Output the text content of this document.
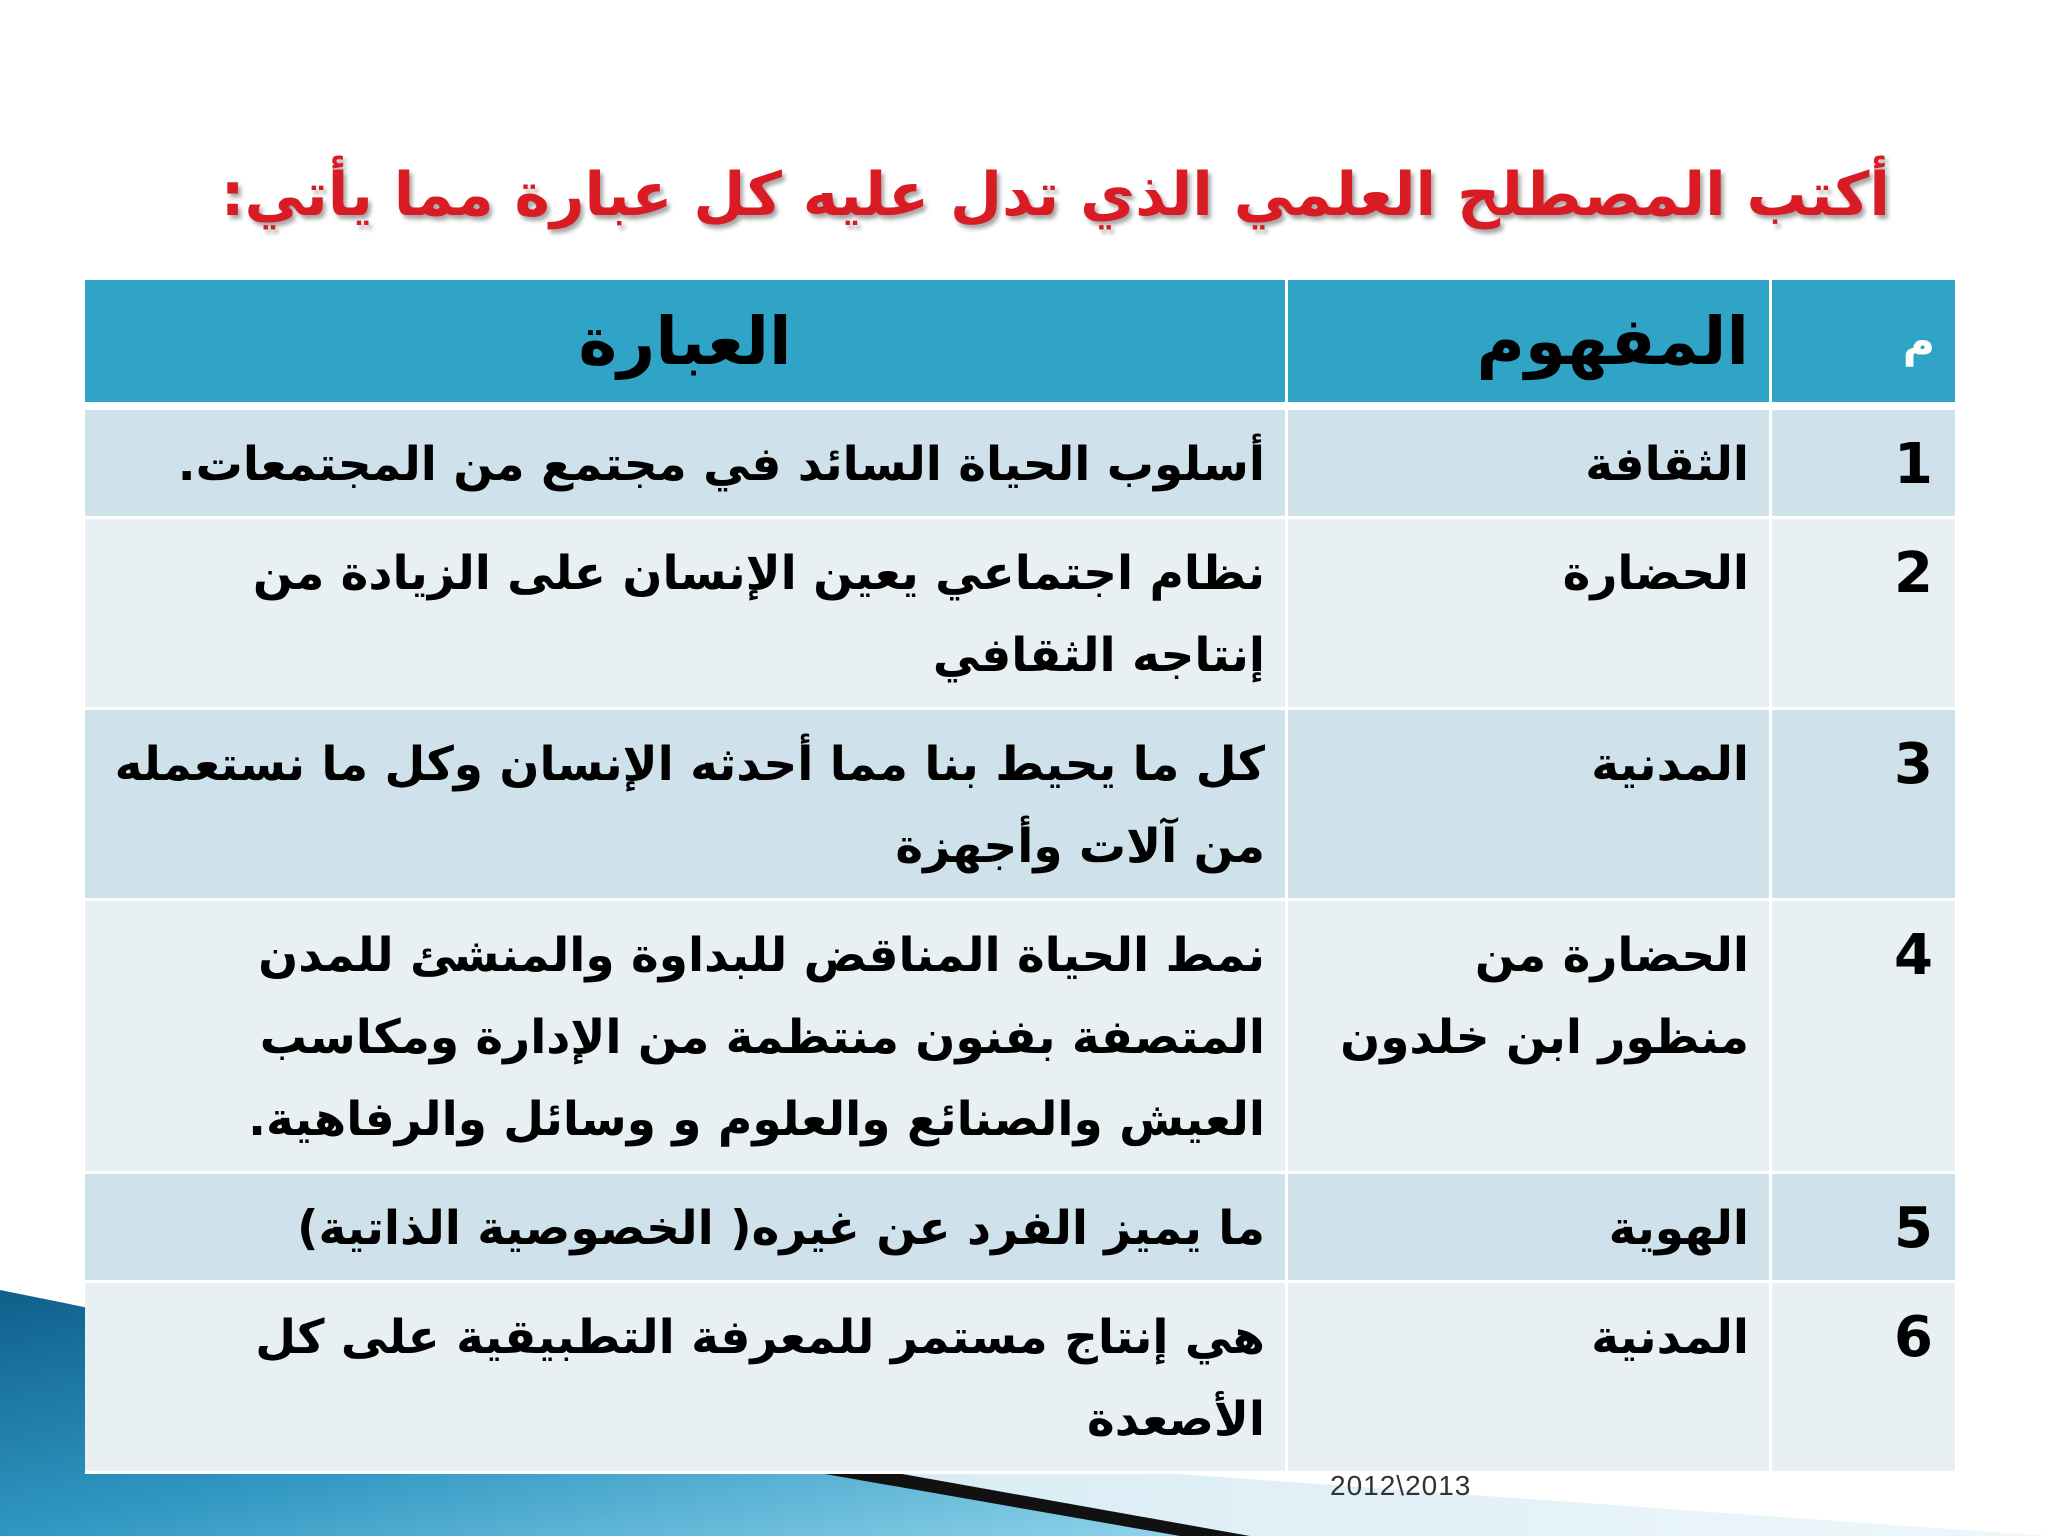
أكتب المصطلح العلمي الذي تدل عليه كل عبارة مما يأتي:
م	المفهوم	العبارة
1	الثقافة	أسلوب الحياة السائد في مجتمع من المجتمعات.
2	الحضارة	نظام اجتماعي يعين الإنسان على الزيادة من إنتاجه الثقافي
3	المدنية	كل ما يحيط بنا مما أحدثه الإنسان وكل ما نستعمله من آلات وأجهزة
4	الحضارة من منظور ابن خلدون	نمط الحياة المناقض للبداوة والمنشئ للمدن المتصفة بفنون منتظمة من الإدارة ومكاسب العيش والصنائع والعلوم و وسائل والرفاهية.
5	الهوية	ما يميز الفرد عن غيره( الخصوصية الذاتية)
6	المدنية	هي إنتاج مستمر للمعرفة التطبيقية على كل الأصعدة
2012\2013
